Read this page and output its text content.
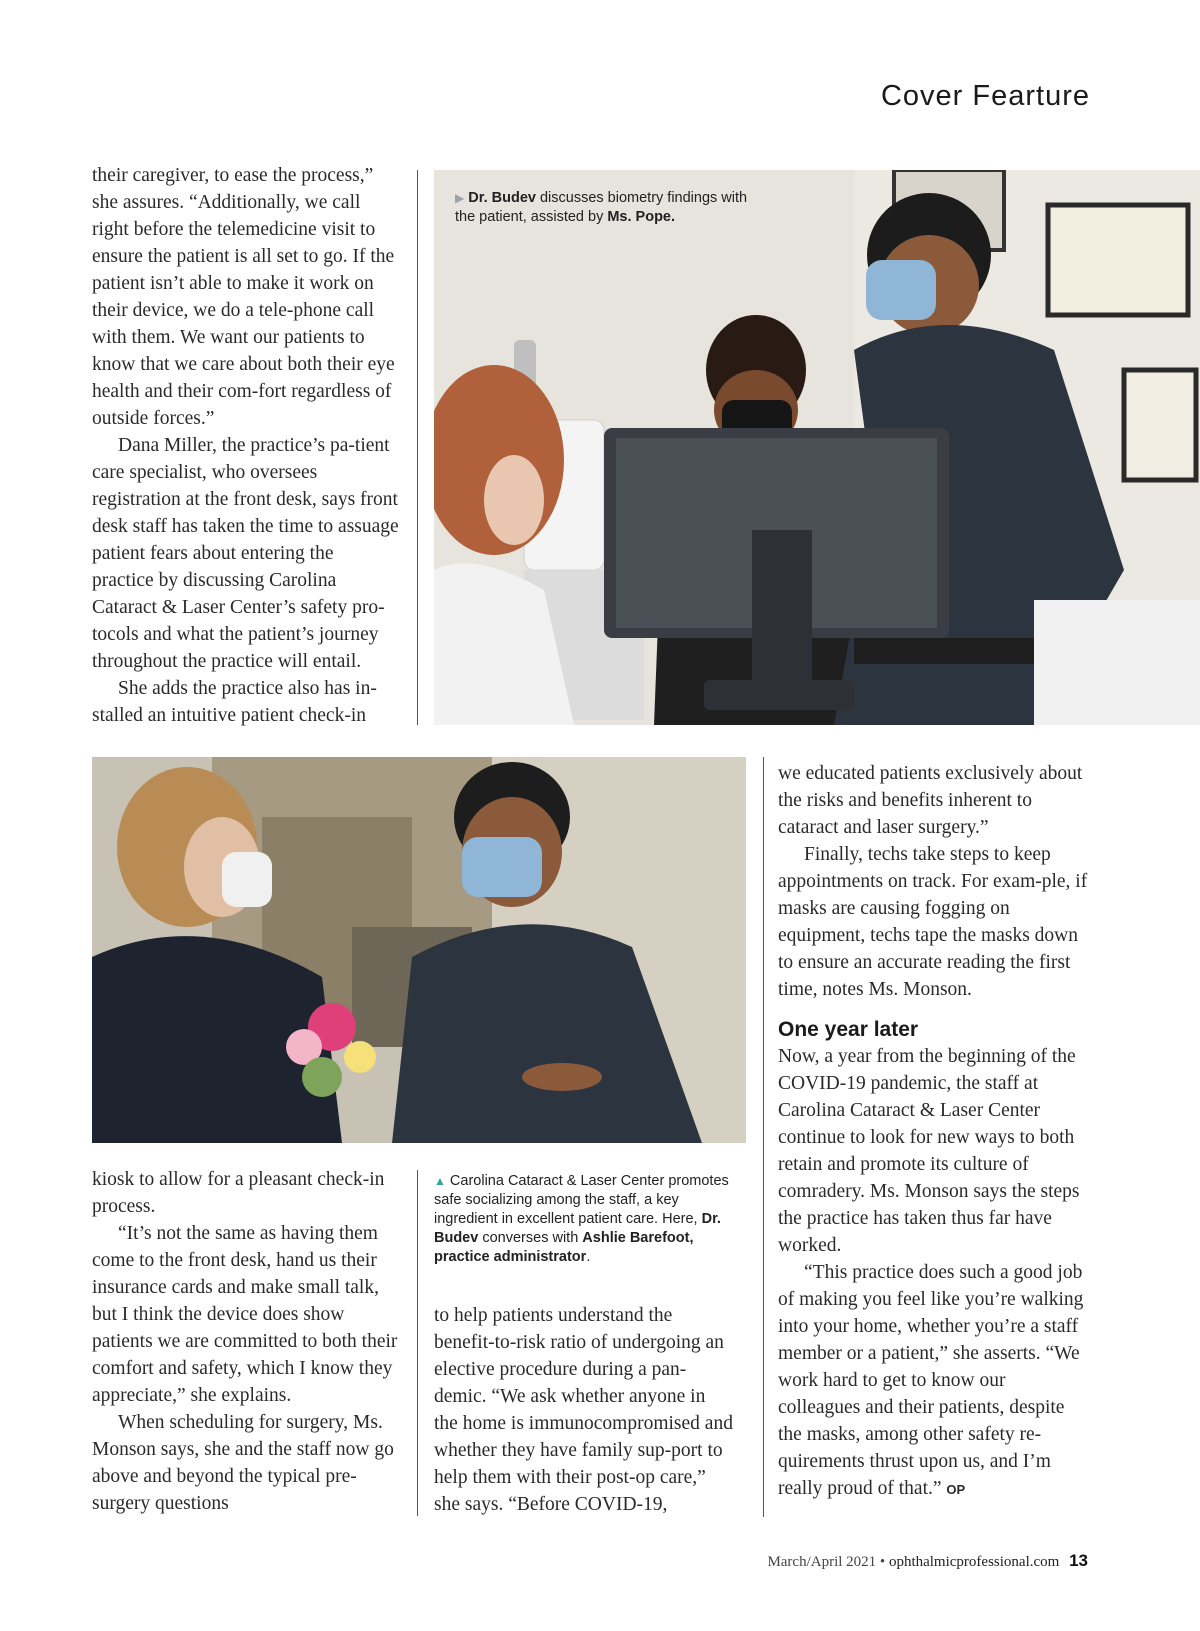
Cover Fearture

their caregiver, to ease the process,” she assures. “Additionally, we call right before the telemedicine visit to ensure the patient is all set to go. If the patient isn’t able to make it work on their device, we do a tele-phone call with them. We want our patients to know that we care about both their eye health and their com-fort regardless of outside forces.”

Dana Miller, the practice’s pa-tient care specialist, who oversees registration at the front desk, says front desk staff has taken the time to assuage patient fears about entering the practice by discussing Carolina Cataract & Laser Center’s safety pro-tocols and what the patient’s journey throughout the practice will entail.

She adds the practice also has in-stalled an intuitive patient check-in

▶ Dr. Budev discusses biometry findings with the patient, assisted by Ms. Pope.

kiosk to allow for a pleasant check-in process.

“It’s not the same as having them come to the front desk, hand us their insurance cards and make small talk, but I think the device does show patients we are committed to both their comfort and safety, which I know they appreciate,” she explains.

When scheduling for surgery, Ms. Monson says, she and the staff now go above and beyond the typical pre-surgery questions

▲ Carolina Cataract & Laser Center promotes safe socializing among the staff, a key ingredient in excellent patient care. Here, Dr. Budev converses with Ashlie Barefoot, practice administrator.

to help patients understand the benefit-to-risk ratio of undergoing an elective procedure during a pan-demic. “We ask whether anyone in the home is immunocompromised and whether they have family sup-port to help them with their post-op care,” she says. “Before COVID-19,

we educated patients exclusively about the risks and benefits inherent to cataract and laser surgery.”

Finally, techs take steps to keep appointments on track. For exam-ple, if masks are causing fogging on equipment, techs tape the masks down to ensure an accurate reading the first time, notes Ms. Monson.

One year later

Now, a year from the beginning of the COVID-19 pandemic, the staff at Carolina Cataract & Laser Center continue to look for new ways to both retain and promote its culture of comradery. Ms. Monson says the steps the practice has taken thus far have worked.

“This practice does such a good job of making you feel like you’re walking into your home, whether you’re a staff member or a patient,” she asserts. “We work hard to get to know our colleagues and their patients, despite the masks, among other safety re-quirements thrust upon us, and I’m really proud of that.” OP

March/April 2021 • ophthalmicprofessional.com 13
